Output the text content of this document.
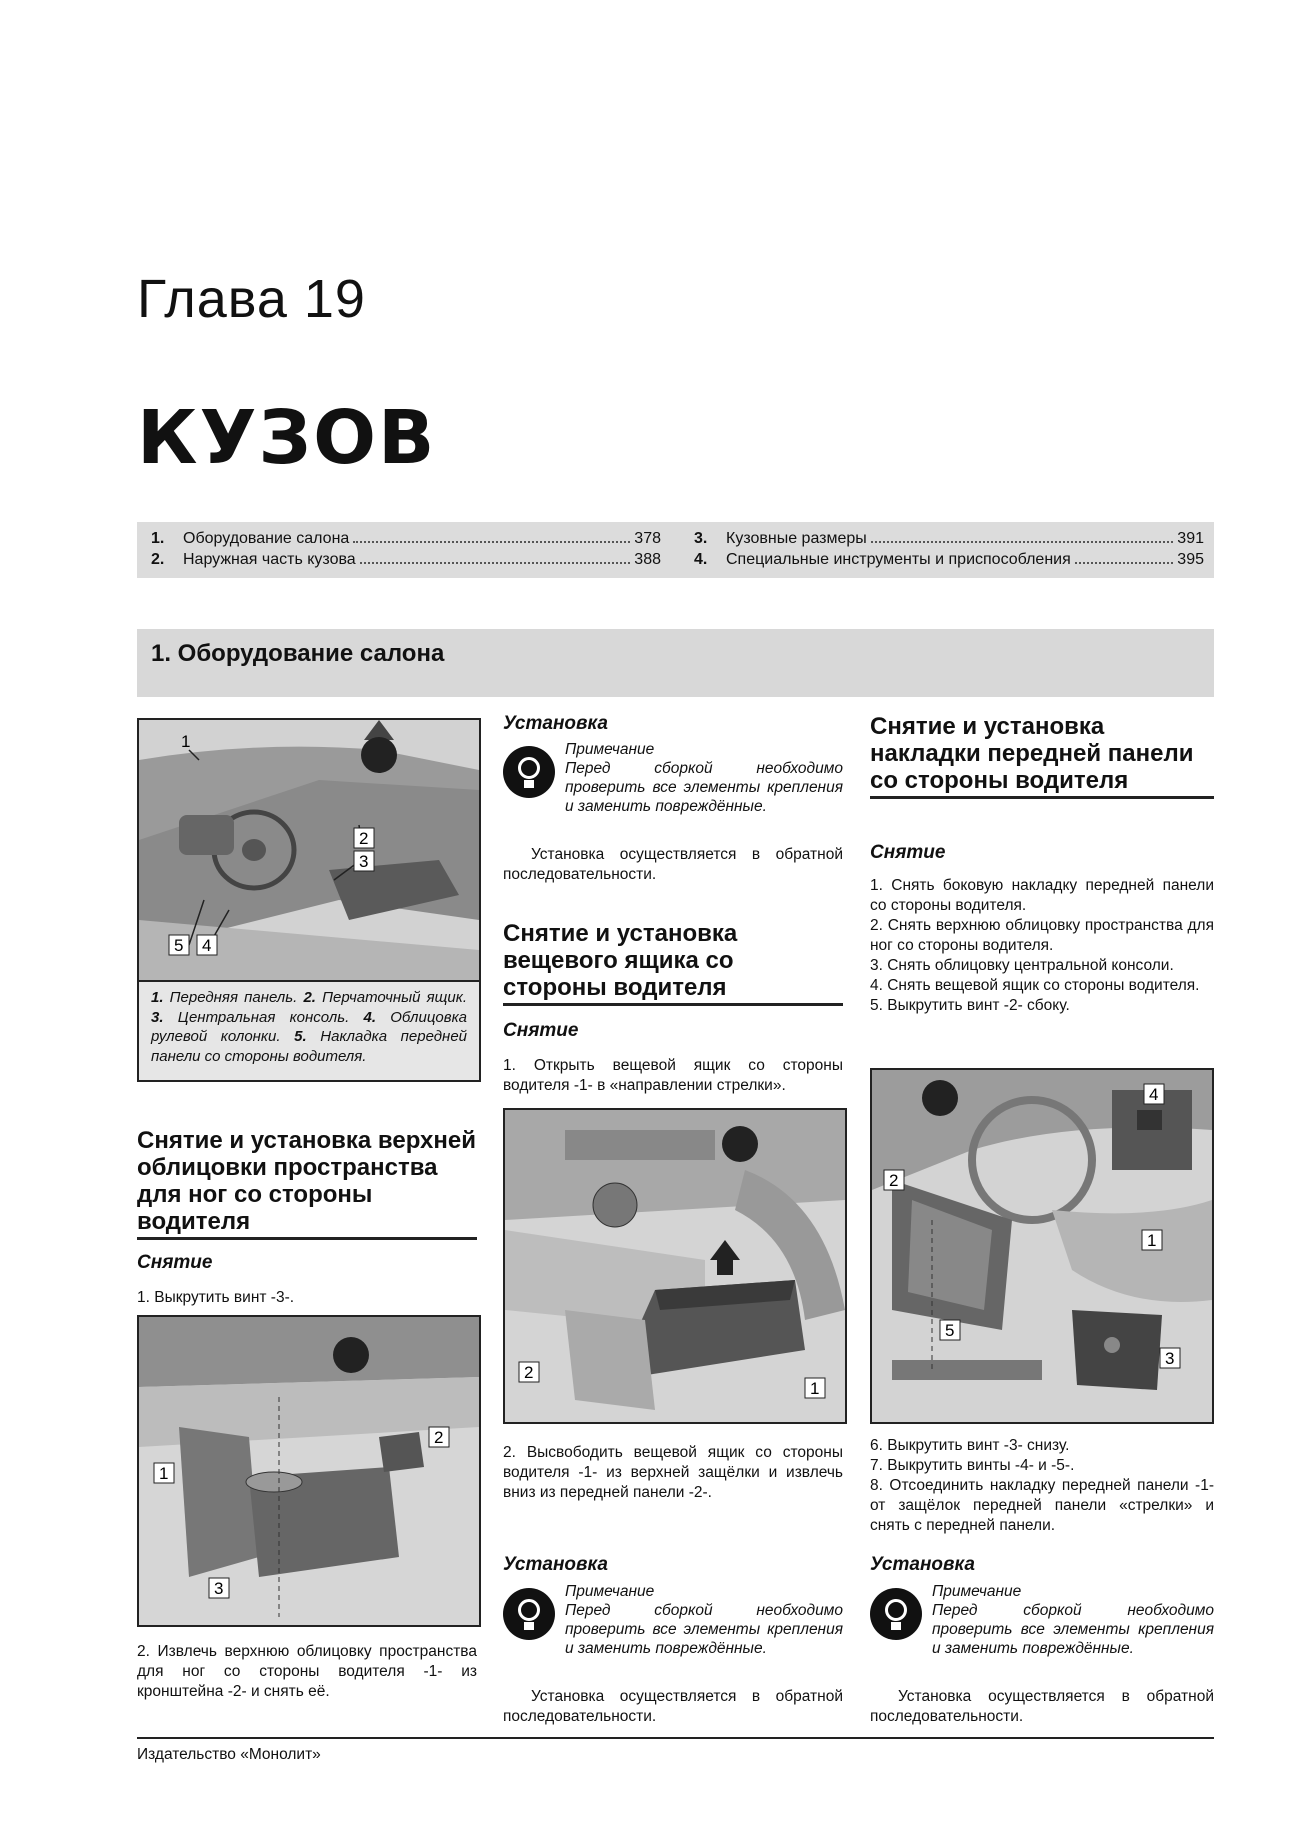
Глава 19
КУЗОВ
1.	Оборудование салона	378
2.	Наружная часть кузова	388
3.	Кузовные размеры	391
4.	Специальные инструменты и приспособления	395
1. Оборудование салона
1
2
3
5 4
1. Передняя панель. 2. Перчаточный ящик. 3. Центральная консоль. 4. Облицовка рулевой колонки. 5. Накладка передней панели со стороны водителя.
Снятие и установка верхней облицовки пространства для ног со стороны водителя
Снятие
1. Выкрутить винт -3-.
2
1
3
2. Извлечь верхнюю облицовку пространства для ног со стороны водителя -1- из кронштейна -2- и снять её.
Установка
Примечание
Перед сборкой необходимо проверить все элементы крепления и заменить повреждённые.
Установка осуществляется в обратной последовательности.
Снятие и установка вещевого ящика со стороны водителя
Снятие
1. Открыть вещевой ящик со стороны водителя -1- в «направлении стрелки».
2
1
2. Высвободить вещевой ящик со стороны водителя -1- из верхней защёлки и извлечь вниз из передней панели -2-.
Установка
Примечание
Перед сборкой необходимо проверить все элементы крепления и заменить повреждённые.
Установка осуществляется в обратной последовательности.
Снятие и установка накладки передней панели со стороны водителя
Снятие
1. Снять боковую накладку передней панели со стороны водителя.
2. Снять верхнюю облицовку пространства для ног со стороны водителя.
3. Снять облицовку центральной консоли.
4. Снять вещевой ящик со стороны водителя.
5. Выкрутить винт -2- сбоку.
4
2
1
5
3
6. Выкрутить винт -3- снизу.
7. Выкрутить винты -4- и -5-.
8. Отсоединить накладку передней панели -1- от защёлок передней панели «стрелки» и снять с передней панели.
Установка
Примечание
Перед сборкой необходимо проверить все элементы крепления и заменить повреждённые.
Установка осуществляется в обратной последовательности.
Издательство «Монолит»
